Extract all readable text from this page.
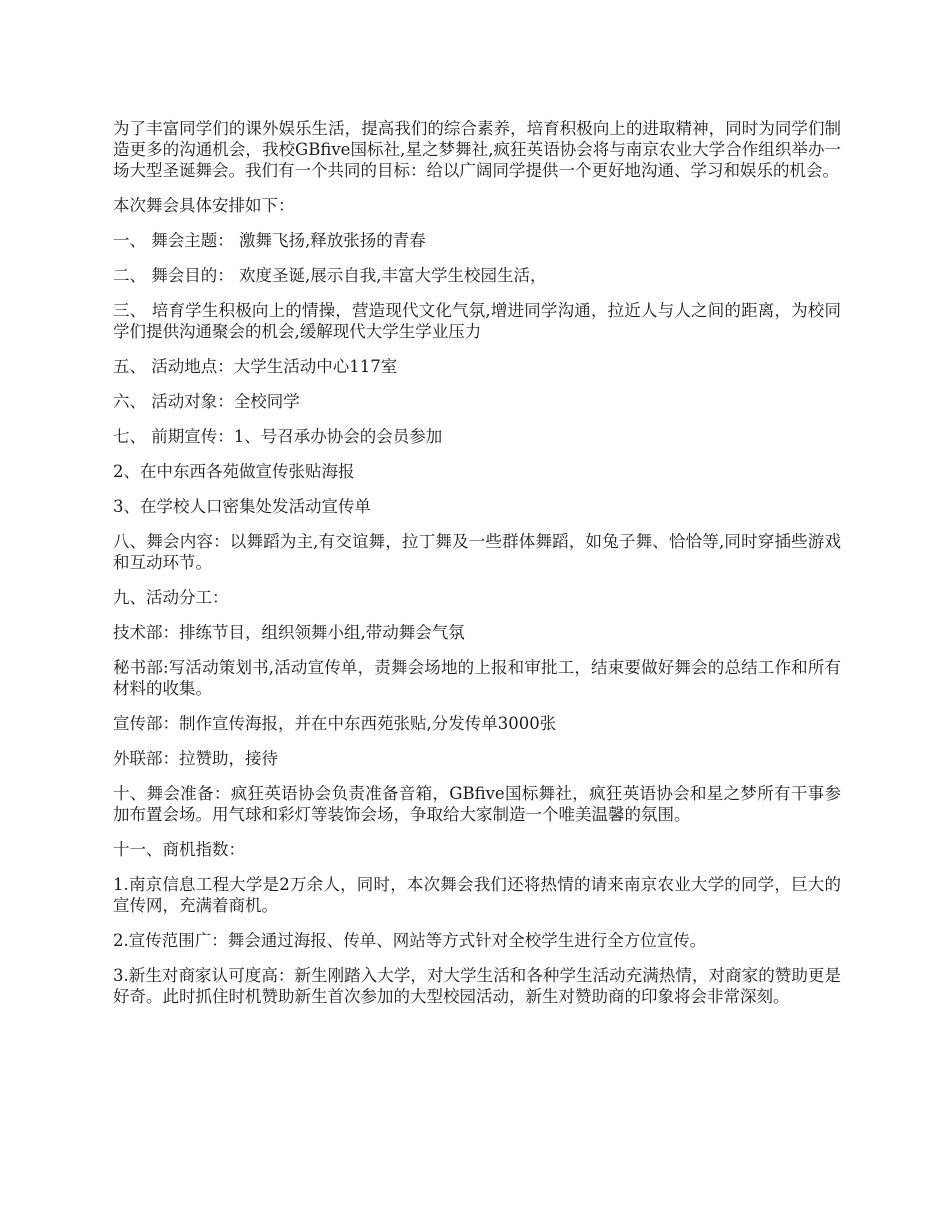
为了丰富同学们的课外娱乐生活，提高我们的综合素养，培育积极向上的进取精神，同时为同学们制造更多的沟通机会，我校GBfive国标社,星之梦舞社,疯狂英语协会将与南京农业大学合作组织举办一场大型圣诞舞会。我们有一个共同的目标：给以广阔同学提供一个更好地沟通、学习和娱乐的机会。

本次舞会具体安排如下：

一、 舞会主题： 激舞飞扬,释放张扬的青春

二、 舞会目的： 欢度圣诞,展示自我,丰富大学生校园生活，

三、 培育学生积极向上的情操，营造现代文化气氛,增进同学沟通，拉近人与人之间的距离，为校同学们提供沟通聚会的机会,缓解现代大学生学业压力

五、 活动地点：大学生活动中心117室

六、 活动对象：全校同学

七、 前期宣传：1、号召承办协会的会员参加

2、在中东西各苑做宣传张贴海报

3、在学校人口密集处发活动宣传单

八、舞会内容：以舞蹈为主,有交谊舞，拉丁舞及一些群体舞蹈，如兔子舞、恰恰等,同时穿插些游戏和互动环节。

九、活动分工：

技术部：排练节目，组织领舞小组,带动舞会气氛

秘书部:写活动策划书,活动宣传单，责舞会场地的上报和审批工，结束要做好舞会的总结工作和所有材料的收集。

宣传部：制作宣传海报，并在中东西苑张贴,分发传单3000张

外联部：拉赞助，接待

十、舞会准备：疯狂英语协会负责准备音箱，GBfive国标舞社，疯狂英语协会和星之梦所有干事参加布置会场。用气球和彩灯等装饰会场，争取给大家制造一个唯美温馨的氛围。

十一、商机指数：

1.南京信息工程大学是2万余人，同时，本次舞会我们还将热情的请来南京农业大学的同学，巨大的宣传网，充满着商机。

2.宣传范围广：舞会通过海报、传单、网站等方式针对全校学生进行全方位宣传。

3.新生对商家认可度高：新生刚踏入大学，对大学生活和各种学生活动充满热情，对商家的赞助更是好奇。此时抓住时机赞助新生首次参加的大型校园活动，新生对赞助商的印象将会非常深刻。
